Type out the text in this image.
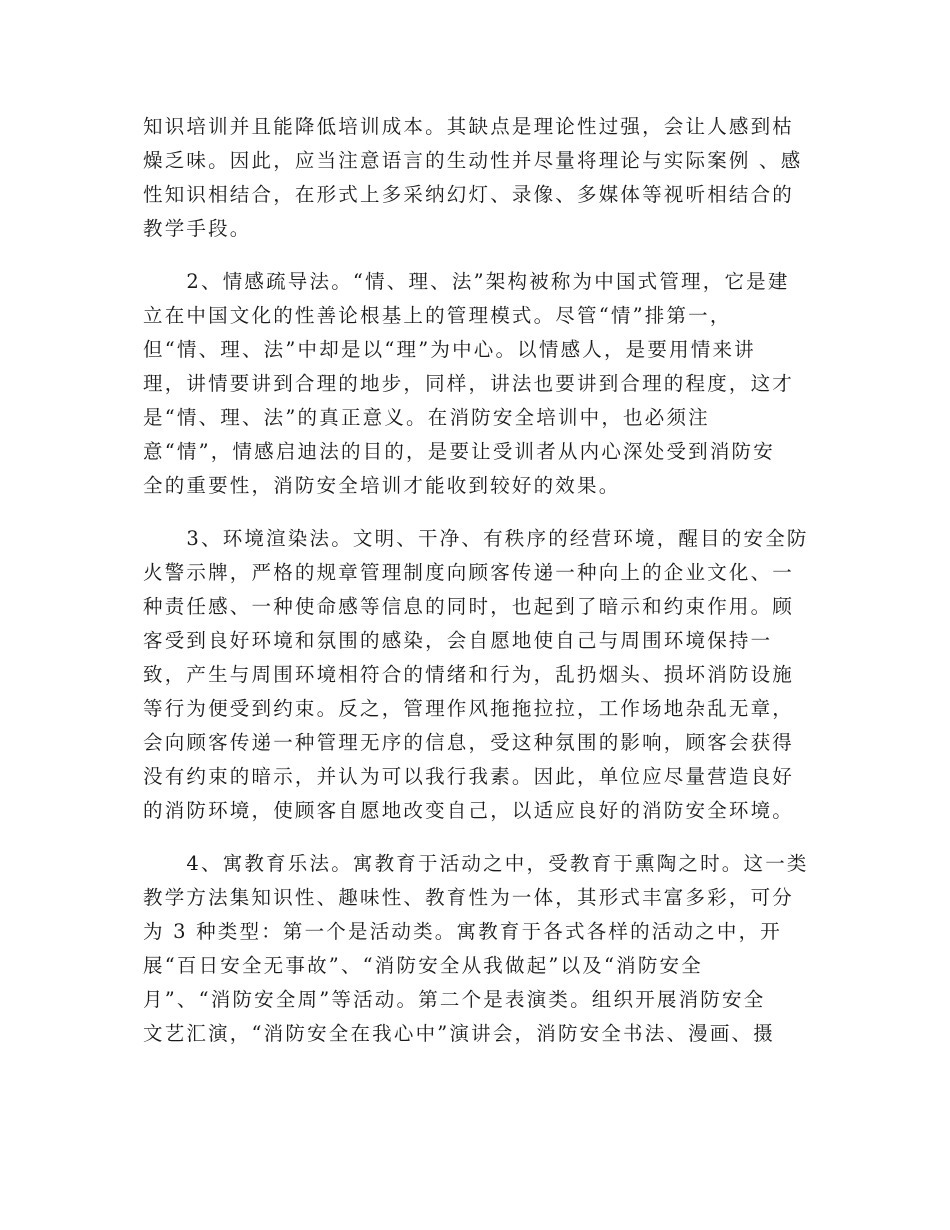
知识培训并且能降低培训成本。其缺点是理论性过强，会让人感到枯
燥乏味。因此，应当注意语言的生动性并尽量将理论与实际案例 、感
性知识相结合，在形式上多采纳幻灯、录像、多媒体等视听相结合的
教学手段。
　　2、情感疏导法。“情、理、法”架构被称为中国式管理，它是建
立在中国文化的性善论根基上的管理模式。尽管“情”排第一，
但“情、理、法”中却是以“理”为中心。以情感人，是要用情来讲
理，讲情要讲到合理的地步，同样，讲法也要讲到合理的程度，这才
是“情、理、法”的真正意义。在消防安全培训中，也必须注
意“情”，情感启迪法的目的，是要让受训者从内心深处受到消防安
全的重要性，消防安全培训才能收到较好的效果。
　　3、环境渲染法。文明、干净、有秩序的经营环境，醒目的安全防
火警示牌，严格的规章管理制度向顾客传递一种向上的企业文化、一
种责任感、一种使命感等信息的同时，也起到了暗示和约束作用。顾
客受到良好环境和氛围的感染，会自愿地使自己与周围环境保持一
致，产生与周围环境相符合的情绪和行为，乱扔烟头、损坏消防设施
等行为便受到约束。反之，管理作风拖拖拉拉，工作场地杂乱无章，
会向顾客传递一种管理无序的信息，受这种氛围的影响，顾客会获得
没有约束的暗示，并认为可以我行我素。因此，单位应尽量营造良好
的消防环境，使顾客自愿地改变自己，以适应良好的消防安全环境。
　　4、寓教育乐法。寓教育于活动之中，受教育于熏陶之时。这一类
教学方法集知识性、趣味性、教育性为一体，其形式丰富多彩，可分
为 3 种类型：第一个是活动类。寓教育于各式各样的活动之中，开
展“百日安全无事故”、“消防安全从我做起”以及“消防安全
月”、“消防安全周”等活动。第二个是表演类。组织开展消防安全
文艺汇演，“消防安全在我心中”演讲会，消防安全书法、漫画、摄
